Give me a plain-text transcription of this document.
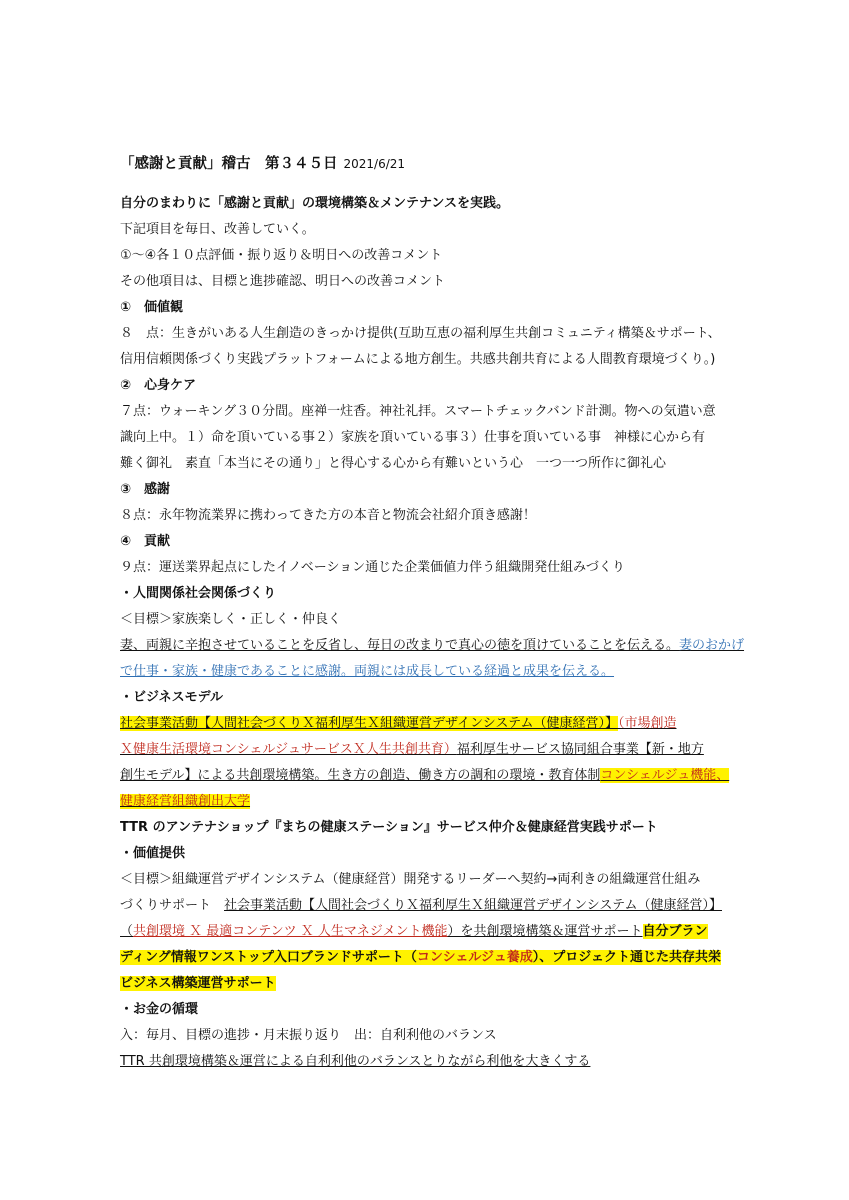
「感謝と貢献」稽古　第３４５日 2021/6/21
自分のまわりに「感謝と貢献」の環境構築＆メンテナンスを実践。
下記項目を毎日、改善していく。
①～④各１０点評価・振り返り＆明日への改善コメント
その他項目は、目標と進捗確認、明日への改善コメント
①　価値観
８　点：生きがいある人生創造のきっかけ提供(互助互恵の福利厚生共創コミュニティ構築＆サポート、
信用信頼関係づくり実践プラットフォームによる地方創生。共感共創共育による人間教育環境づくり。)
②　心身ケア
７点：ウォーキング３０分間。座禅一炷香。神社礼拝。スマートチェックバンド計測。物への気遣い意
識向上中。１）命を頂いている事２）家族を頂いている事３）仕事を頂いている事　神様に心から有
難く御礼　素直「本当にその通り」と得心する心から有難いという心　一つ一つ所作に御礼心
③　感謝
８点：永年物流業界に携わってきた方の本音と物流会社紹介頂き感謝！
④　貢献
９点：運送業界起点にしたイノベーション通じた企業価値力伴う組織開発仕組みづくり
・人間関係社会関係づくり
＜目標＞家族楽しく・正しく・仲良く
妻、両親に辛抱させていることを反省し、毎日の改まりで真心の徳を頂けていることを伝える。妻のおかげ
で仕事・家族・健康であることに感謝。両親には成長している経過と成果を伝える。
・ビジネスモデル
社会事業活動【人間社会づくりＸ福利厚生Ｘ組織運営デザインシステム（健康経営）】（市場創造
Ｘ健康生活環境コンシェルジュサービスＸ人生共創共育）福利厚生サービス協同組合事業【新・地方
創生モデル】による共創環境構築。生き方の創造、働き方の調和の環境・教育体制コンシェルジュ機能、
健康経営組織創出大学
TTR のアンテナショップ『まちの健康ステーション』サービス仲介＆健康経営実践サポート
・価値提供
＜目標＞組織運営デザインシステム（健康経営）開発するリーダーへ契約→両利きの組織運営仕組み
づくりサポート　 社会事業活動【人間社会づくりＸ福利厚生Ｘ組織運営デザインシステム（健康経営）】
（共創環境 Ｘ 最適コンテンツ Ｘ 人生マネジメント機能）を共創環境構築＆運営サポート自分ブラン
ディング情報ワンストップ入口ブランドサポート（コンシェルジュ養成）、プロジェクト通じた共存共栄
ビジネス構築運営サポート
・お金の循環
入：毎月、目標の進捗・月末振り返り　出：自利利他のバランス
TTR 共創環境構築＆運営による自利利他のバランスとりながら利他を大きくする
